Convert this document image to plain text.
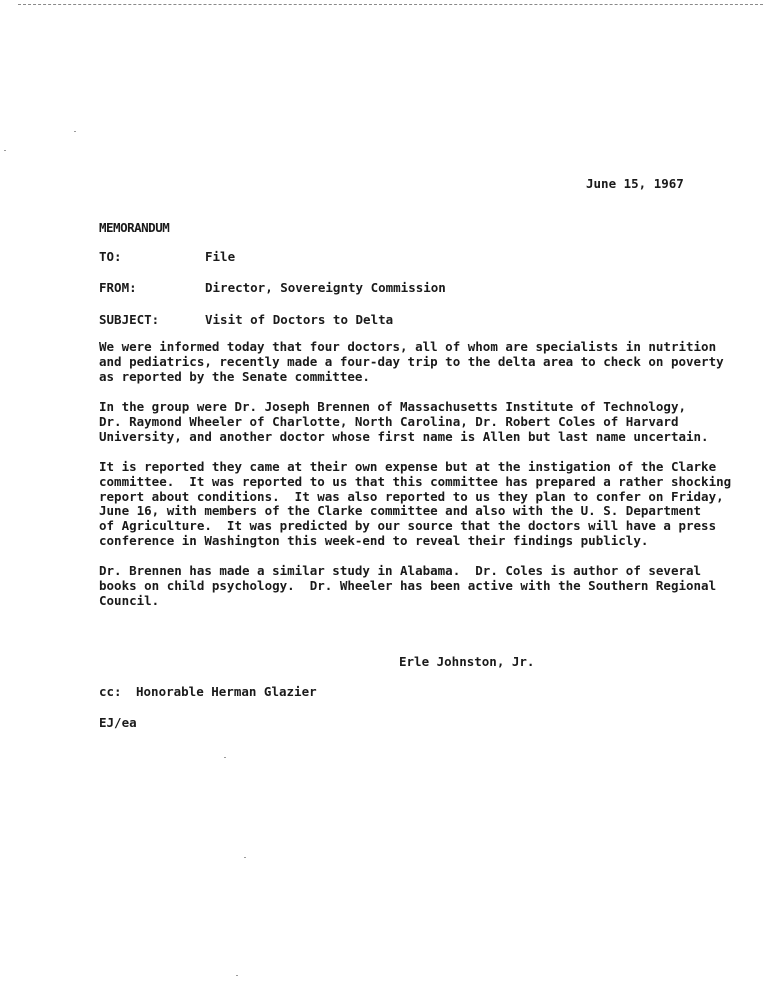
June 15, 1967
MEMORANDUM
TO:	File
FROM:	Director, Sovereignty Commission
SUBJECT:	Visit of Doctors to Delta
We were informed today that four doctors, all of whom are specialists in nutrition
and pediatrics, recently made a four-day trip to the delta area to check on poverty
as reported by the Senate committee.
In the group were Dr. Joseph Brennen of Massachusetts Institute of Technology,
Dr. Raymond Wheeler of Charlotte, North Carolina, Dr. Robert Coles of Harvard
University, and another doctor whose first name is Allen but last name uncertain.
It is reported they came at their own expense but at the instigation of the Clarke
committee.  It was reported to us that this committee has prepared a rather shocking
report about conditions.  It was also reported to us they plan to confer on Friday,
June 16, with members of the Clarke committee and also with the U. S. Department
of Agriculture.  It was predicted by our source that the doctors will have a press
conference in Washington this week-end to reveal their findings publicly.
Dr. Brennen has made a similar study in Alabama.  Dr. Coles is author of several
books on child psychology.  Dr. Wheeler has been active with the Southern Regional
Council.
Erle Johnston, Jr.
cc: Honorable Herman Glazier
EJ/ea
